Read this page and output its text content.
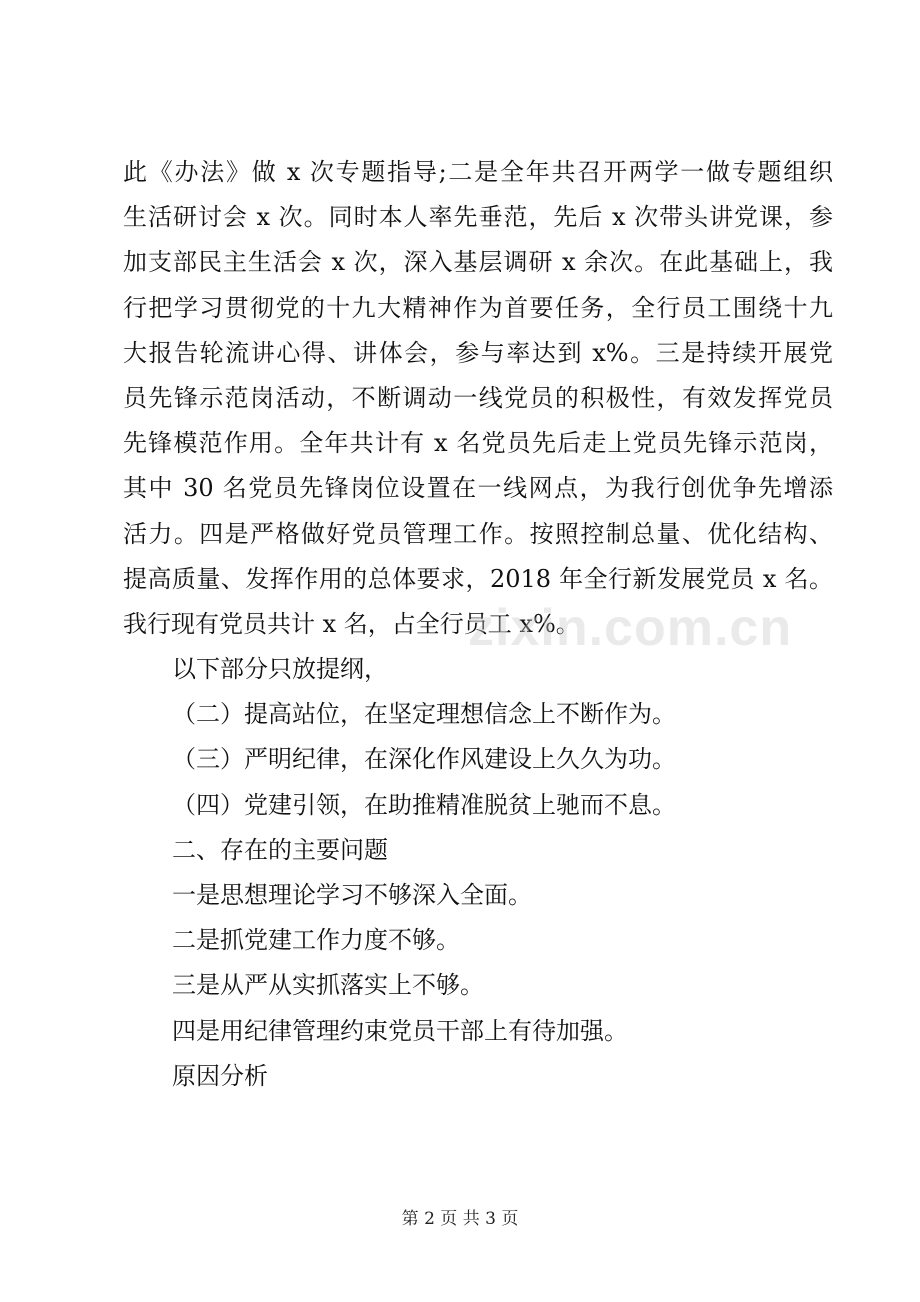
此《办法》做 x 次专题指导;二是全年共召开两学一做专题组织
生活研讨会 x 次。同时本人率先垂范，先后 x 次带头讲党课，参
加支部民主生活会 x 次，深入基层调研 x 余次。在此基础上，我
行把学习贯彻党的十九大精神作为首要任务，全行员工围绕十九
大报告轮流讲心得、讲体会，参与率达到 x%。三是持续开展党
员先锋示范岗活动，不断调动一线党员的积极性，有效发挥党员
先锋模范作用。全年共计有 x 名党员先后走上党员先锋示范岗，
其中 30 名党员先锋岗位设置在一线网点，为我行创优争先增添
活力。四是严格做好党员管理工作。按照控制总量、优化结构、
提高质量、发挥作用的总体要求，2018 年全行新发展党员 x 名。
我行现有党员共计 x 名，占全行员工 x%。
以下部分只放提纲，
（二）提高站位，在坚定理想信念上不断作为。
（三）严明纪律，在深化作风建设上久久为功。
（四）党建引领，在助推精准脱贫上驰而不息。
二、存在的主要问题
一是思想理论学习不够深入全面。
二是抓党建工作力度不够。
三是从严从实抓落实上不够。
四是用纪律管理约束党员干部上有待加强。
原因分析
zixin.com.cn
第 2 页 共 3 页
